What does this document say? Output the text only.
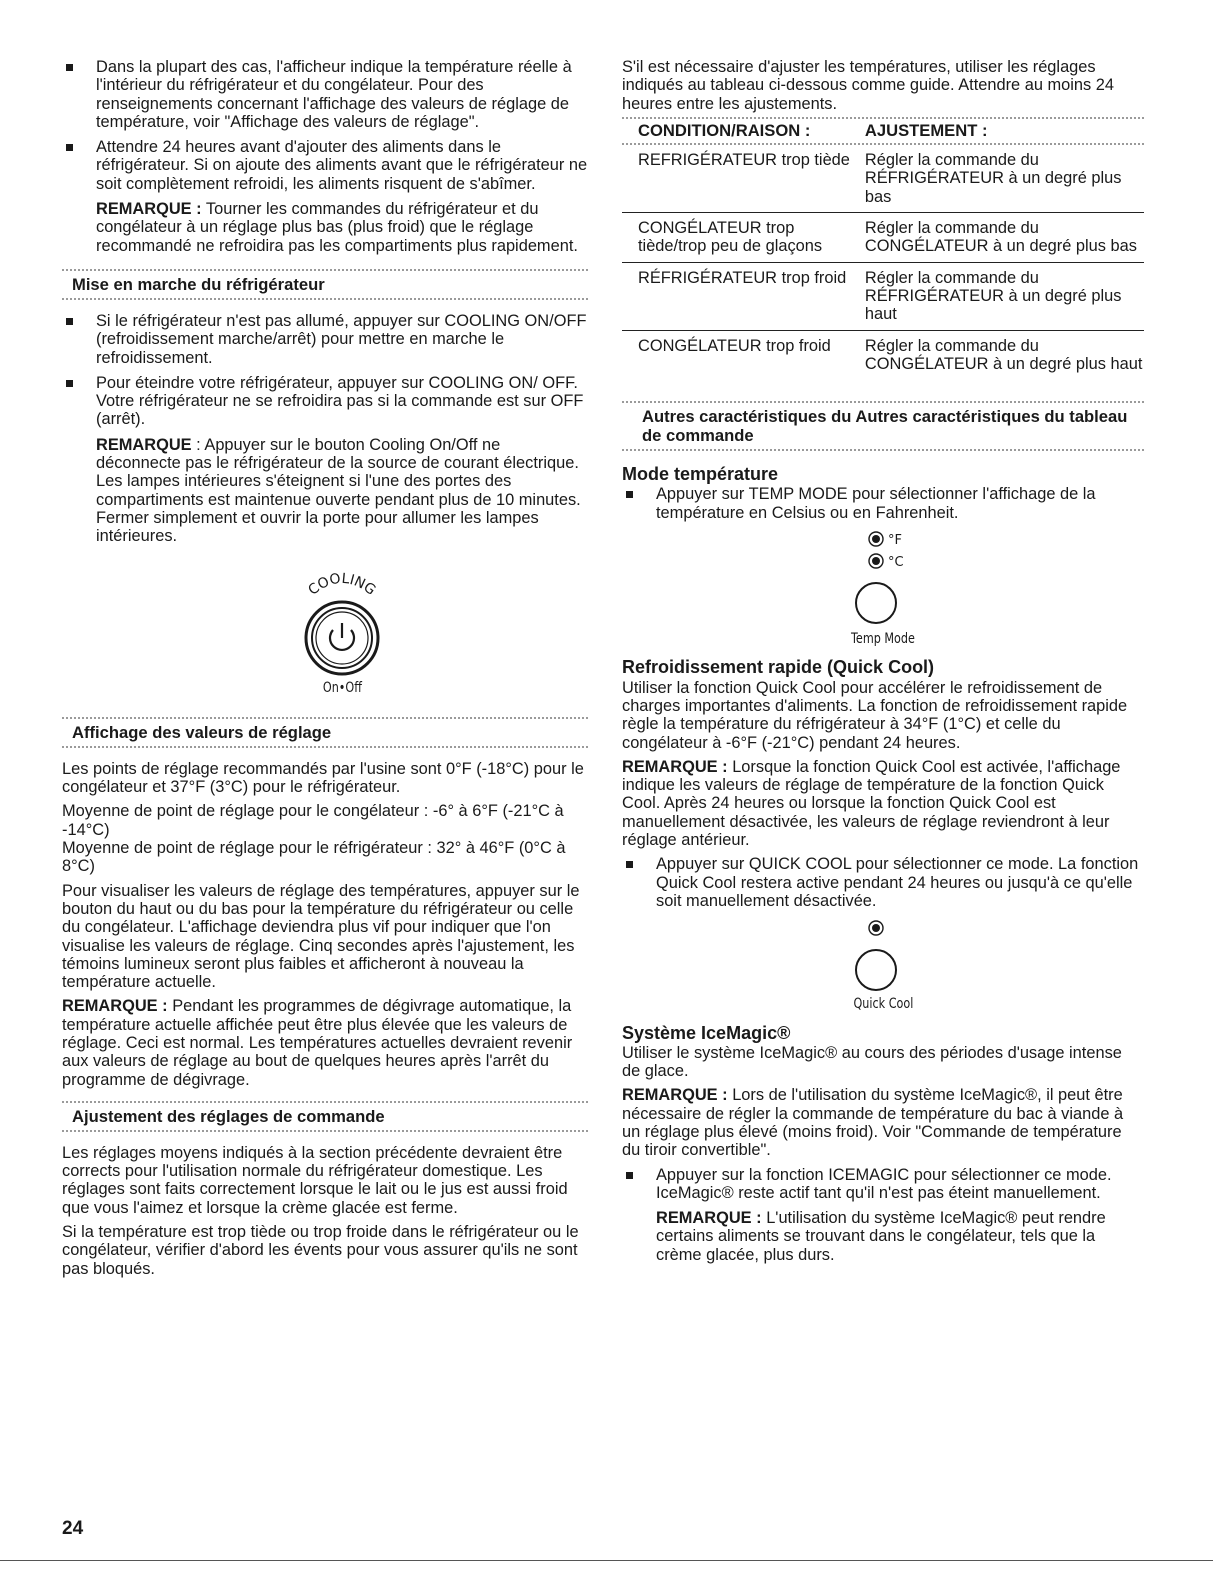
Dans la plupart des cas, l'afficheur indique la température réelle à l'intérieur du réfrigérateur et du congélateur. Pour des renseignements concernant l'affichage des valeurs de réglage de température, voir "Affichage des valeurs de réglage".
Attendre 24 heures avant d'ajouter des aliments dans le réfrigérateur. Si on ajoute des aliments avant que le réfrigérateur ne soit complètement refroidi, les aliments risquent de s'abîmer.

REMARQUE : Tourner les commandes du réfrigérateur et du congélateur à un réglage plus bas (plus froid) que le réglage recommandé ne refroidira pas les compartiments plus rapidement.

Mise en marche du réfrigérateur
Si le réfrigérateur n'est pas allumé, appuyer sur COOLING ON/OFF (refroidissement marche/arrêt) pour mettre en marche le refroidissement.
Pour éteindre votre réfrigérateur, appuyer sur COOLING ON/ OFF. Votre réfrigérateur ne se refroidira pas si la commande est sur OFF (arrêt).

REMARQUE : Appuyer sur le bouton Cooling On/Off ne déconnecte pas le réfrigérateur de la source de courant électrique. Les lampes intérieures s'éteignent si l'une des portes des compartiments est maintenue ouverte pendant plus de 10 minutes. Fermer simplement et ouvrir la porte pour allumer les lampes intérieures.

COOLING
On•Off
Affichage des valeurs de réglage

Les points de réglage recommandés par l'usine sont 0°F (-18°C) pour le congélateur et 37°F (3°C) pour le réfrigérateur.

Moyenne de point de réglage pour le congélateur : -6° à 6°F (-21°C à -14°C)

Moyenne de point de réglage pour le réfrigérateur : 32° à 46°F (0°C à 8°C)

Pour visualiser les valeurs de réglage des températures, appuyer sur le bouton du haut ou du bas pour la température du réfrigérateur ou celle du congélateur. L'affichage deviendra plus vif pour indiquer que l'on visualise les valeurs de réglage. Cinq secondes après l'ajustement, les témoins lumineux seront plus faibles et afficheront à nouveau la température actuelle.

REMARQUE : Pendant les programmes de dégivrage automatique, la température actuelle affichée peut être plus élevée que les valeurs de réglage. Ceci est normal. Les températures actuelles devraient revenir aux valeurs de réglage au bout de quelques heures après l'arrêt du programme de dégivrage.

Ajustement des réglages de commande

Les réglages moyens indiqués à la section précédente devraient être corrects pour l'utilisation normale du réfrigérateur domestique. Les réglages sont faits correctement lorsque le lait ou le jus est aussi froid que vous l'aimez et lorsque la crème glacée est ferme.

Si la température est trop tiède ou trop froide dans le réfrigérateur ou le congélateur, vérifier d'abord les évents pour vous assurer qu'ils ne sont pas bloqués.

S'il est nécessaire d'ajuster les températures, utiliser les réglages indiqués au tableau ci-dessous comme guide. Attendre au moins 24 heures entre les ajustements.

CONDITION/RAISON :	AJUSTEMENT :

REFRIGÉRATEUR trop tiède	Régler la commande du RÉFRIGÉRATEUR à un degré plus bas
CONGÉLATEUR trop tiède/trop peu de glaçons	Régler la commande du CONGÉLATEUR à un degré plus bas
RÉFRIGÉRATEUR trop froid	Régler la commande du RÉFRIGÉRATEUR à un degré plus haut
CONGÉLATEUR trop froid	Régler la commande du CONGÉLATEUR à un degré plus haut
Autres caractéristiques du Autres caractéristiques du tableau de commande
Mode température
Appuyer sur TEMP MODE pour sélectionner l'affichage de la température en Celsius ou en Fahrenheit.
°F
°C
Temp Mode
Refroidissement rapide (Quick Cool)

Utiliser la fonction Quick Cool pour accélérer le refroidissement de charges importantes d'aliments. La fonction de refroidissement rapide règle la température du réfrigérateur à 34°F (1°C) et celle du congélateur à -6°F (-21°C) pendant 24 heures.

REMARQUE : Lorsque la fonction Quick Cool est activée, l'affichage indique les valeurs de réglage de température de la fonction Quick Cool. Après 24 heures ou lorsque la fonction Quick Cool est manuellement désactivée, les valeurs de réglage reviendront à leur réglage antérieur.

Appuyer sur QUICK COOL pour sélectionner ce mode. La fonction Quick Cool restera active pendant 24 heures ou jusqu'à ce qu'elle soit manuellement désactivée.
Quick Cool
Système IceMagic®

Utiliser le système IceMagic® au cours des périodes d'usage intense de glace.

REMARQUE : Lors de l'utilisation du système IceMagic®, il peut être nécessaire de régler la commande de température du bac à viande à un réglage plus élevé (moins froid). Voir "Commande de température du tiroir convertible".

Appuyer sur la fonction ICEMAGIC pour sélectionner ce mode. IceMagic® reste actif tant qu'il n'est pas éteint manuellement.

REMARQUE : L'utilisation du système IceMagic® peut rendre certains aliments se trouvant dans le congélateur, tels que la crème glacée, plus durs.

24
